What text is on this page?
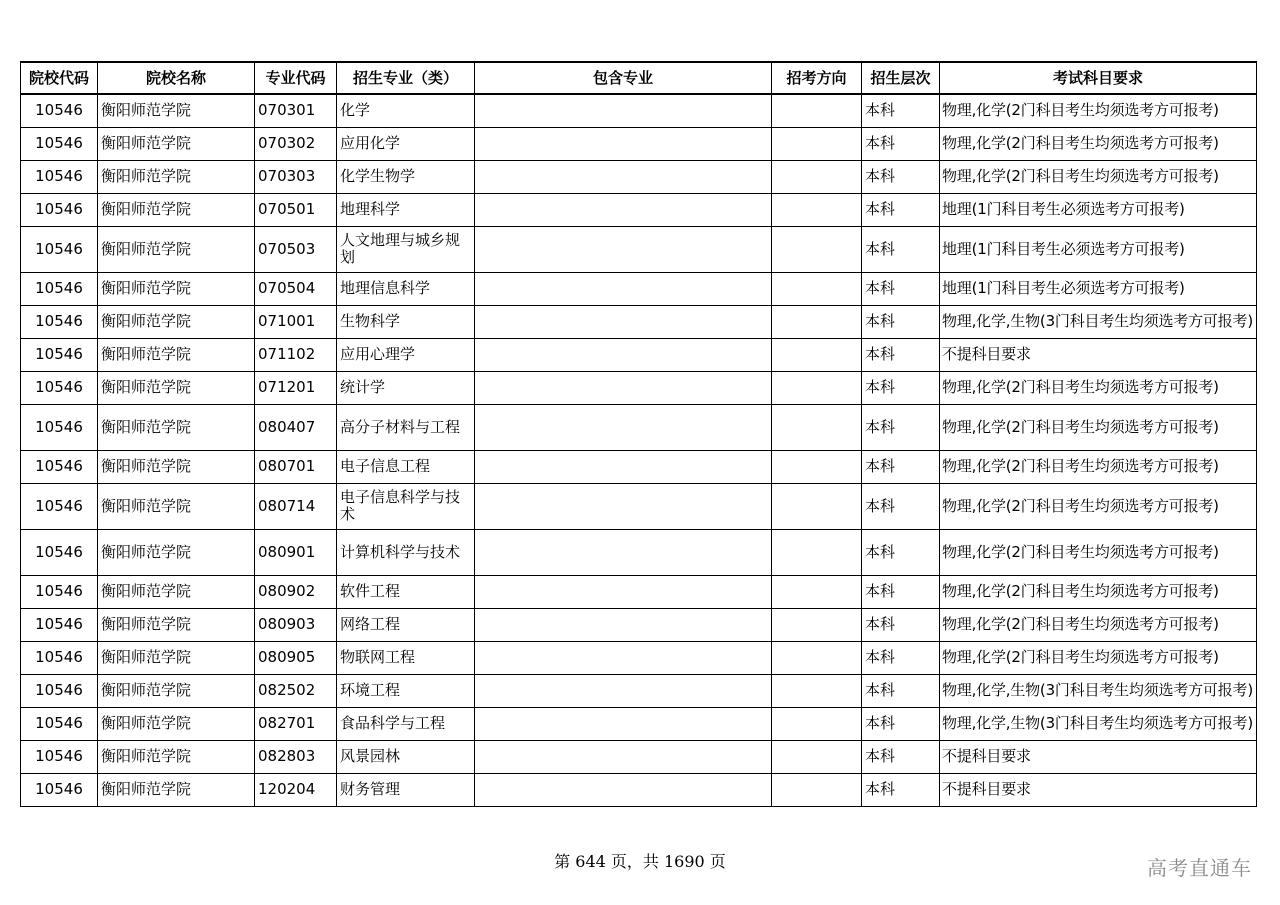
院校代码	院校名称	专业代码	招生专业（类）	包含专业	招考方向	招生层次	考试科目要求
10546	衡阳师范学院	070301	化学			本科	物理,化学(2门科目考生均须选考方可报考)
10546	衡阳师范学院	070302	应用化学			本科	物理,化学(2门科目考生均须选考方可报考)
10546	衡阳师范学院	070303	化学生物学			本科	物理,化学(2门科目考生均须选考方可报考)
10546	衡阳师范学院	070501	地理科学			本科	地理(1门科目考生必须选考方可报考)
10546	衡阳师范学院	070503	人文地理与城乡规划			本科	地理(1门科目考生必须选考方可报考)
10546	衡阳师范学院	070504	地理信息科学			本科	地理(1门科目考生必须选考方可报考)
10546	衡阳师范学院	071001	生物科学			本科	物理,化学,生物(3门科目考生均须选考方可报考)
10546	衡阳师范学院	071102	应用心理学			本科	不提科目要求
10546	衡阳师范学院	071201	统计学			本科	物理,化学(2门科目考生均须选考方可报考)
10546	衡阳师范学院	080407	高分子材料与工程			本科	物理,化学(2门科目考生均须选考方可报考)
10546	衡阳师范学院	080701	电子信息工程			本科	物理,化学(2门科目考生均须选考方可报考)
10546	衡阳师范学院	080714	电子信息科学与技术			本科	物理,化学(2门科目考生均须选考方可报考)
10546	衡阳师范学院	080901	计算机科学与技术			本科	物理,化学(2门科目考生均须选考方可报考)
10546	衡阳师范学院	080902	软件工程			本科	物理,化学(2门科目考生均须选考方可报考)
10546	衡阳师范学院	080903	网络工程			本科	物理,化学(2门科目考生均须选考方可报考)
10546	衡阳师范学院	080905	物联网工程			本科	物理,化学(2门科目考生均须选考方可报考)
10546	衡阳师范学院	082502	环境工程			本科	物理,化学,生物(3门科目考生均须选考方可报考)
10546	衡阳师范学院	082701	食品科学与工程			本科	物理,化学,生物(3门科目考生均须选考方可报考)
10546	衡阳师范学院	082803	风景园林			本科	不提科目要求
10546	衡阳师范学院	120204	财务管理			本科	不提科目要求
第 644 页，共 1690 页	高考直通车
